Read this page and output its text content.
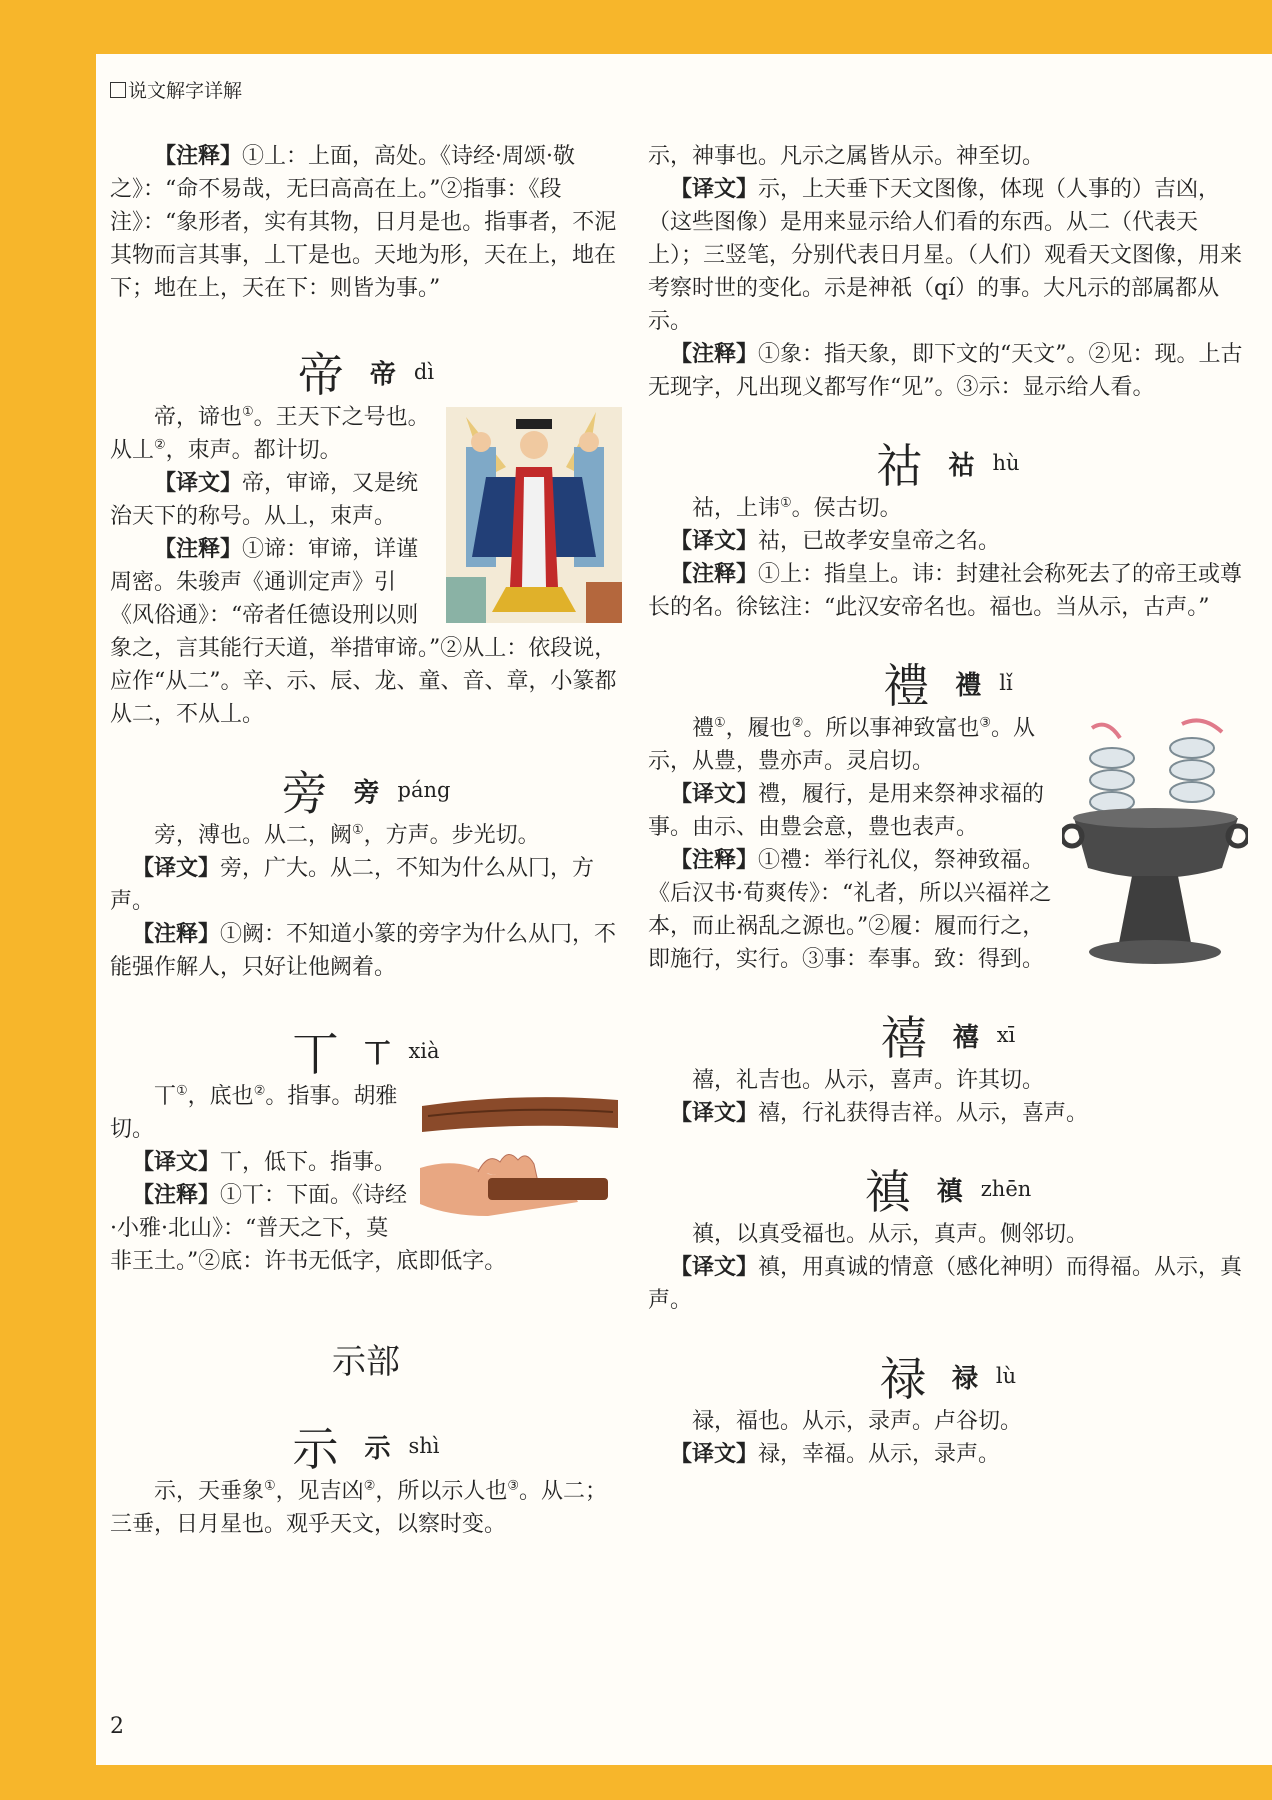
说文解字详解

【注释】①丄：上面，高处。《诗经·周颂·敬之》：“命不易哉，无曰高高在上。”②指事：《段注》：“象形者，实有其物，日月是也。指事者，不泥其物而言其事，丄丅是也。天地为形，天在上，地在下；地在上，天在下：则皆为事。”

帝 帝 dì

帝，谛也①。王天下之号也。从丄②，朿声。都计切。

【译文】帝，审谛，又是统治天下的称号。从丄，朿声。

【注释】①谛：审谛，详谨周密。朱骏声《通训定声》引《风俗通》：“帝者任德设刑以则象之，言其能行天道，举措审谛。”②从丄：依段说，应作“从二”。辛、示、辰、龙、童、音、章，小篆都从二，不从丄。

旁 旁 páng

旁，溥也。从二，阙①，方声。步光切。

【译文】旁，广大。从二，不知为什么从冂，方声。

【注释】①阙：不知道小篆的旁字为什么从冂，不能强作解人，只好让他阙着。

丅 丅 xià

丅①，底也②。指事。胡雅切。

【译文】丅，低下。指事。

【注释】①丅：下面。《诗经·小雅·北山》：“普天之下，莫非王土。”②底：许书无低字，底即低字。

示部
示 示 shì

示，天垂象①，见吉凶②，所以示人也③。从二；三垂，日月星也。观乎天文，以察时变。

示，神事也。凡示之属皆从示。神至切。

【译文】示，上天垂下天文图像，体现（人事的）吉凶，（这些图像）是用来显示给人们看的东西。从二（代表天上）；三竖笔，分别代表日月星。（人们）观看天文图像，用来考察时世的变化。示是神祇（qí）的事。大凡示的部属都从示。

【注释】①象：指天象，即下文的“天文”。②见：现。上古无现字，凡出现义都写作“见”。③示：显示给人看。

祜 祜 hù

祜，上讳①。侯古切。

【译文】祜，已故孝安皇帝之名。

【注释】①上：指皇上。讳：封建社会称死去了的帝王或尊长的名。徐铉注：“此汉安帝名也。福也。当从示，古声。”

禮 禮 lǐ

禮①，履也②。所以事神致富也③。从示，从豊，豊亦声。灵启切。

【译文】禮，履行，是用来祭神求福的事。由示、由豊会意，豊也表声。

【注释】①禮：举行礼仪，祭神致福。《后汉书·荀爽传》：“礼者，所以兴福祥之本，而止祸乱之源也。”②履：履而行之，即施行，实行。③事：奉事。致：得到。

禧 禧 xī

禧，礼吉也。从示，喜声。许其切。

【译文】禧，行礼获得吉祥。从示，喜声。

禛 禛 zhēn

禛，以真受福也。从示，真声。侧邻切。

【译文】禛，用真诚的情意（感化神明）而得福。从示，真声。

禄 禄 lù

禄，福也。从示，录声。卢谷切。

【译文】禄，幸福。从示，录声。

2
